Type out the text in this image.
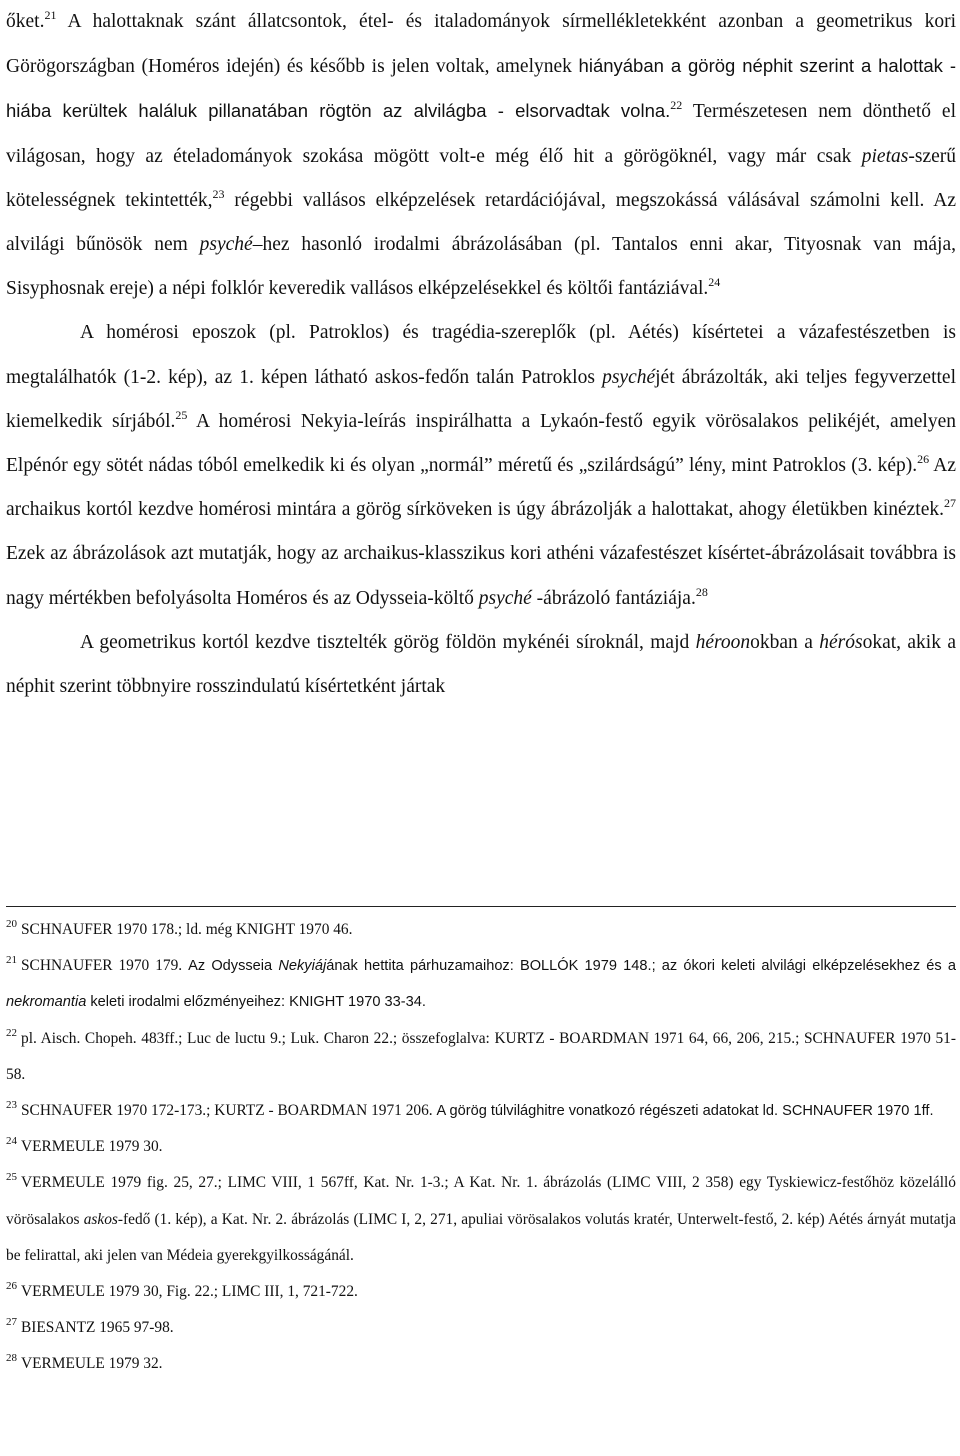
őket.$^{21}$ A halottaknak szánt állatcsontok, étel- és italadományok sírmellékletekként azonban a geometrikus kori Görögországban (Homéros idején) és később is jelen voltak, amelynek hiányában a görög néphit szerint a halottak - hiába kerültek haláluk pillanatában rögtön az alvilágba - elsorvadtak volna.$^{22}$ Természetesen nem dönthető el világosan, hogy az ételadományok szokása mögött volt-e még élő hit a görögöknél, vagy már csak pietas-szerű kötelességnek tekintették,$^{23}$ régebbi vallásos elképzelések retardációjával, megszokássá válásával számolni kell. Az alvilági bűnösök nem psyché–hez hasonló irodalmi ábrázolásában (pl. Tantalos enni akar, Tityosnak van mája, Sisyphosnak ereje) a népi folklór keveredik vallásos elképzelésekkel és költői fantáziával.$^{24}$

A homérosi eposzok (pl. Patroklos) és tragédia-szereplők (pl. Aétés) kísértetei a vázafestészetben is megtalálhatók (1-2. kép), az 1. képen látható askos-fedőn talán Patroklos psychéjét ábrázolták, aki teljes fegyverzettel kiemelkedik sírjából.$^{25}$ A homérosi Nekyia-leírás inspirálhatta a Lykaón-festő egyik vörösalakos pelikéjét, amelyen Elpénór egy sötét nádas tóból emelkedik ki és olyan „normál” méretű és „szilárdságú” lény, mint Patroklos (3. kép).$^{26}$ Az archaikus kortól kezdve homérosi mintára a görög sírköveken is úgy ábrázolják a halottakat, ahogy életükben kinéztek.$^{27}$ Ezek az ábrázolások azt mutatják, hogy az archaikus-klasszikus kori athéni vázafestészet kísértet-ábrázolásait továbbra is nagy mértékben befolyásolta Homéros és az Odysseia-költő psyché -ábrázoló fantáziája.$^{28}$

A geometrikus kortól kezdve tisztelték görög földön mykénéi síroknál, majd héroonokban a hérósokat, akik a néphit szerint többnyire rosszindulatú kísértetként jártak

$^{20}$ SCHNAUFER 1970 178.; ld. még KNIGHT 1970 46.

$^{21}$ SCHNAUFER 1970 179. Az Odysseia Nekyiájának hettita párhuzamaihoz: BOLLÓK 1979 148.; az ókori keleti alvilági elképzelésekhez és a nekromantia keleti irodalmi előzményeihez: KNIGHT 1970 33-34.

$^{22}$ pl. Aisch. Chopeh. 483ff.; Luc de luctu 9.; Luk. Charon 22.; összefoglalva: KURTZ - BOARDMAN 1971 64, 66, 206, 215.; SCHNAUFER 1970 51-58.

$^{23}$ SCHNAUFER 1970 172-173.; KURTZ - BOARDMAN 1971 206. A görög túlvilághitre vonatkozó régészeti adatokat ld. SCHNAUFER 1970 1ff.

$^{24}$ VERMEULE 1979 30.

$^{25}$ VERMEULE 1979 fig. 25, 27.; LIMC VIII, 1 567ff, Kat. Nr. 1-3.; A Kat. Nr. 1. ábrázolás (LIMC VIII, 2 358) egy Tyskiewicz-festőhöz közelálló vörösalakos askos-fedő (1. kép), a Kat. Nr. 2. ábrázolás (LIMC I, 2, 271, apuliai vörösalakos volutás kratér, Unterwelt-festő, 2. kép) Aétés árnyát mutatja be felirattal, aki jelen van Médeia gyerekgyilkosságánál.

$^{26}$ VERMEULE 1979 30, Fig. 22.; LIMC III, 1, 721-722.

$^{27}$ BIESANTZ 1965 97-98.

$^{28}$ VERMEULE 1979 32.
